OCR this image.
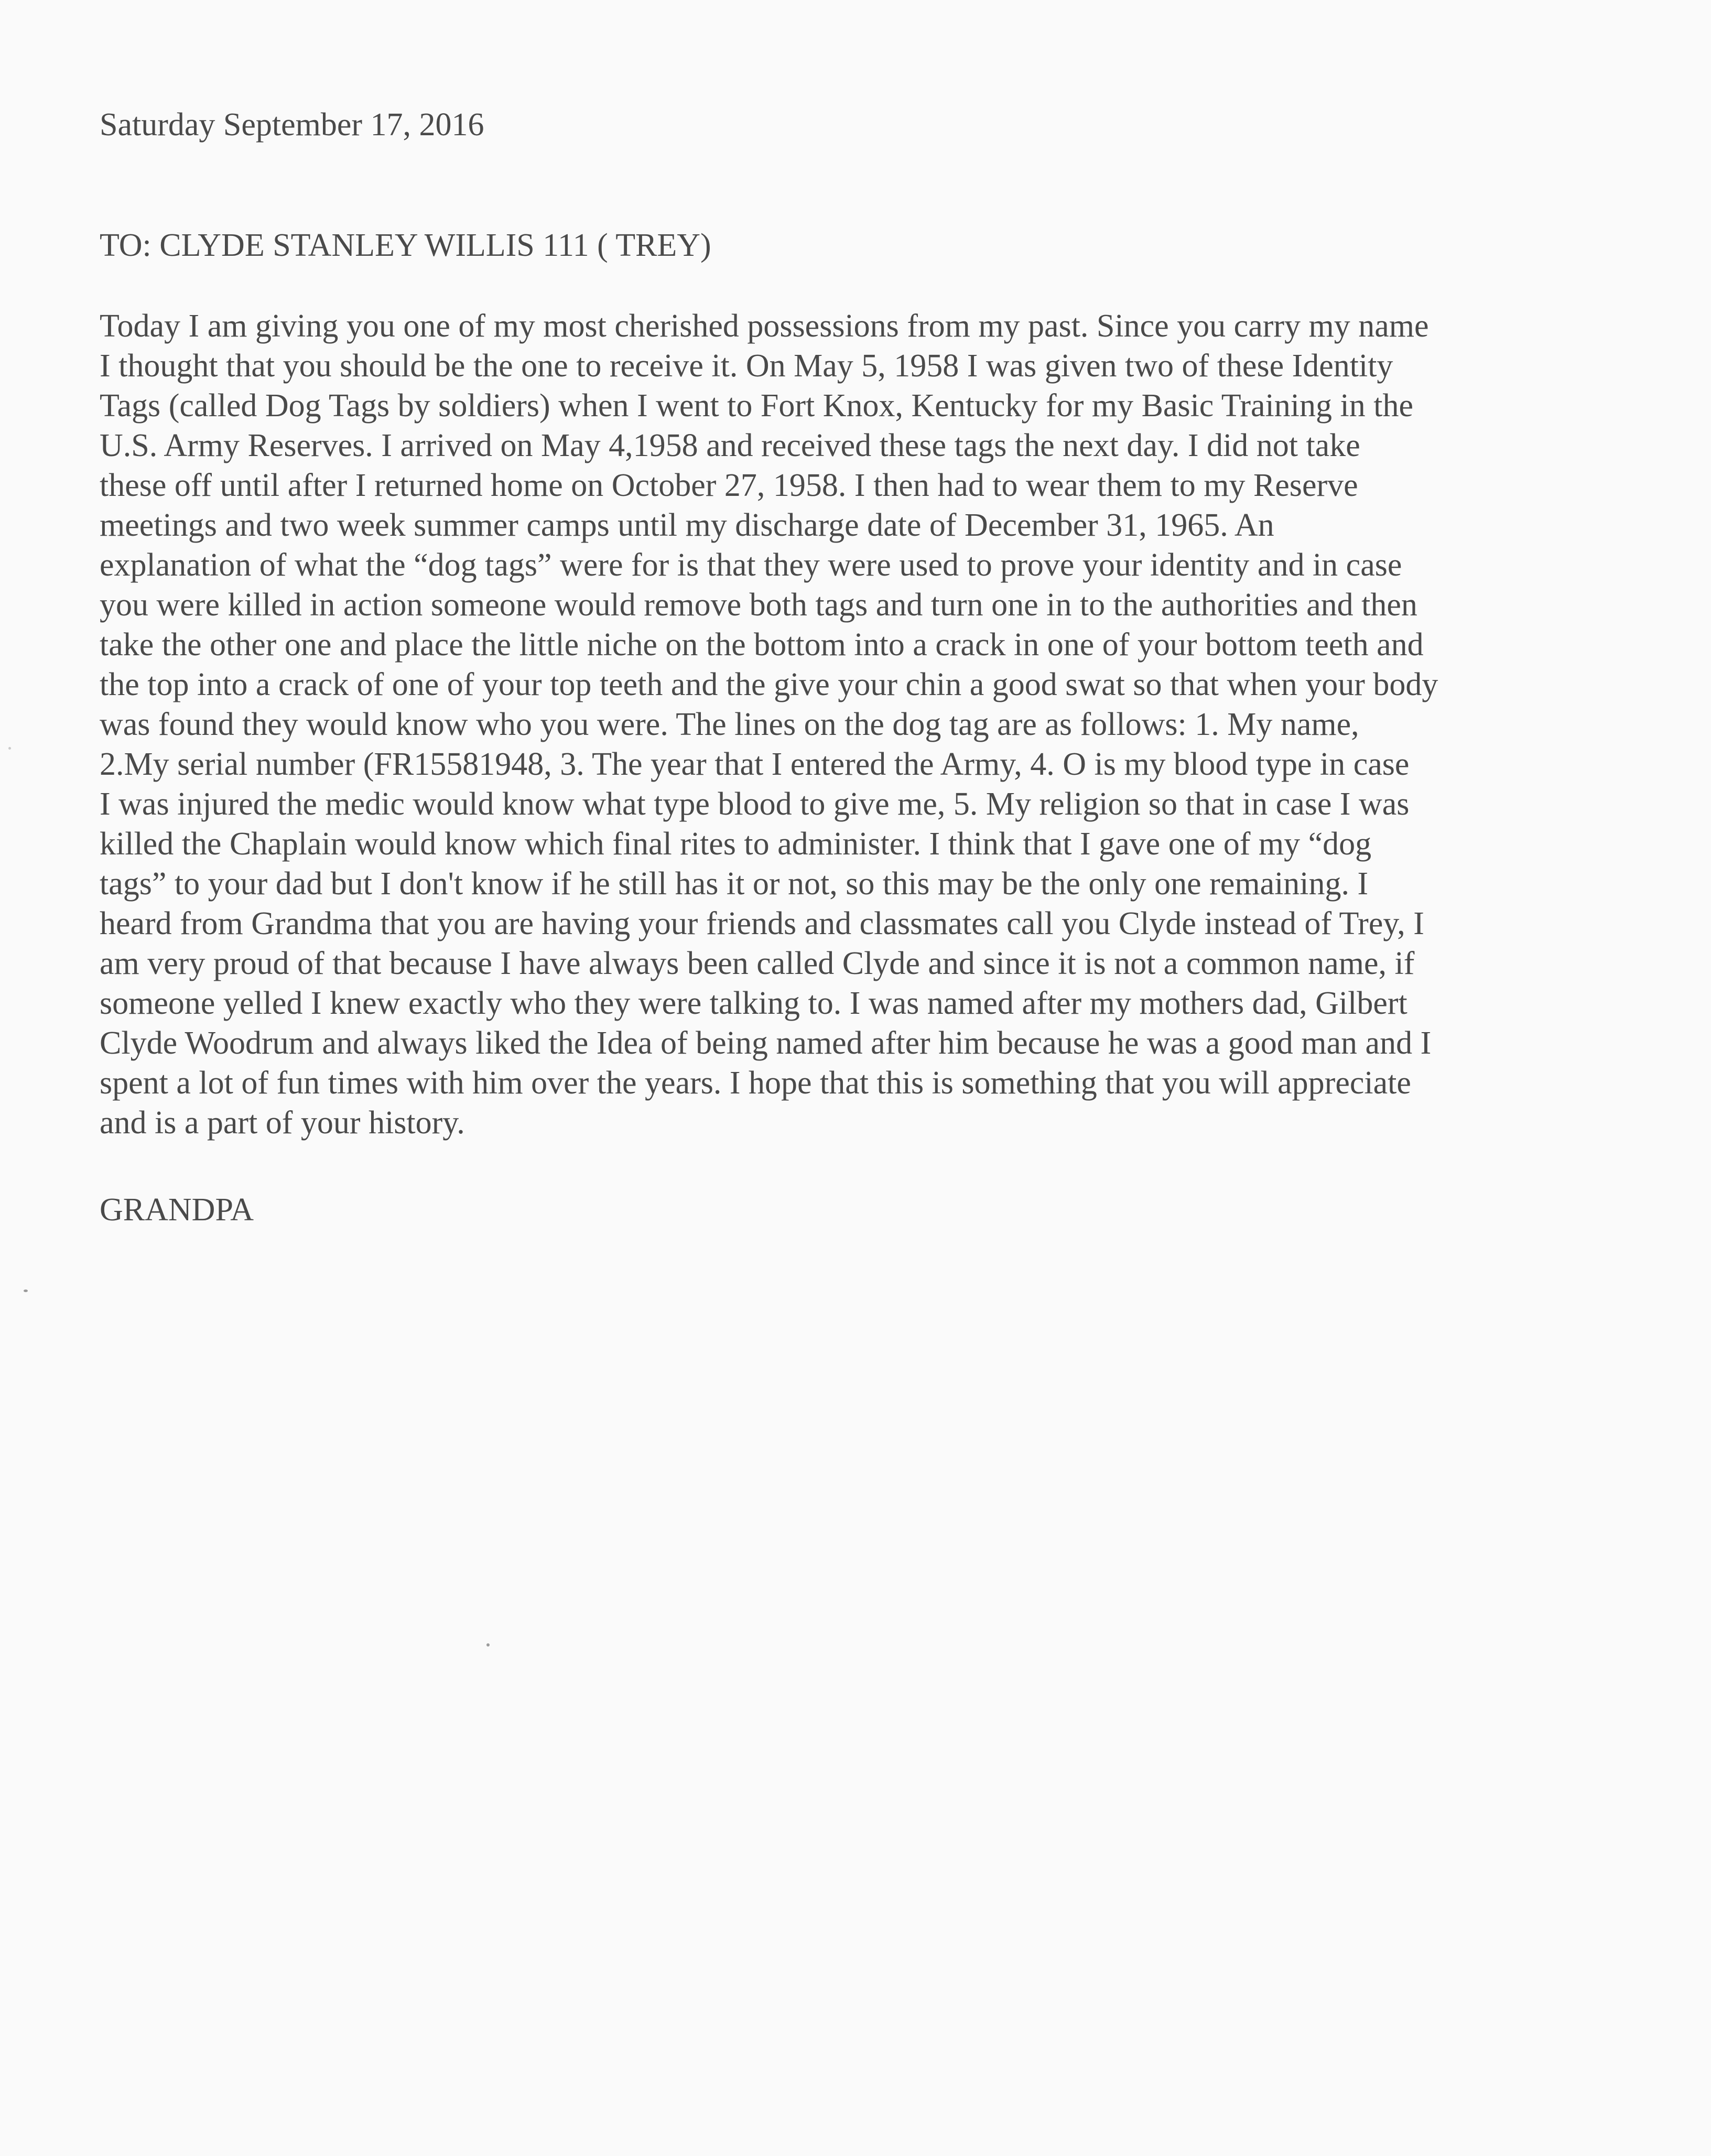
Saturday September 17, 2016
TO: CLYDE STANLEY WILLIS 111 ( TREY)
Today I am giving you one of my most cherished possessions from my past. Since you carry my name
I thought that you should be the one to receive it. On May 5, 1958 I was given two of these Identity
Tags (called Dog Tags by soldiers) when I went to Fort Knox, Kentucky for my Basic Training in the
U.S. Army Reserves. I arrived on May 4,1958 and received these tags the next day. I did not take
these off until after I returned home on October 27, 1958. I then had to wear them to my Reserve
meetings and two week summer camps until my discharge date of December 31, 1965. An
explanation of what the “dog tags” were for is that they were used to prove your identity and in case
you were killed in action someone would remove both tags and turn one in to the authorities and then
take the other one and place the little niche on the bottom into a crack in one of your bottom teeth and
the top into a crack of one of your top teeth and the give your chin a good swat so that when your body
was found they would know who you were. The lines on the dog tag are as follows: 1. My name,
2.My serial number (FR15581948, 3. The year that I entered the Army, 4. O is my blood type in case
I was injured the medic would know what type blood to give me, 5. My religion so that in case I was
killed the Chaplain would know which final rites to administer. I think that I gave one of my “dog
tags” to your dad but I don't know if he still has it or not, so this may be the only one remaining. I
heard from Grandma that you are having your friends and classmates call you Clyde instead of Trey, I
am very proud of that because I have always been called Clyde and since it is not a common name, if
someone yelled I knew exactly who they were talking to. I was named after my mothers dad, Gilbert
Clyde Woodrum and always liked the Idea of being named after him because he was a good man and I
spent a lot of fun times with him over the years. I hope that this is something that you will appreciate
and is a part of your history.
GRANDPA
